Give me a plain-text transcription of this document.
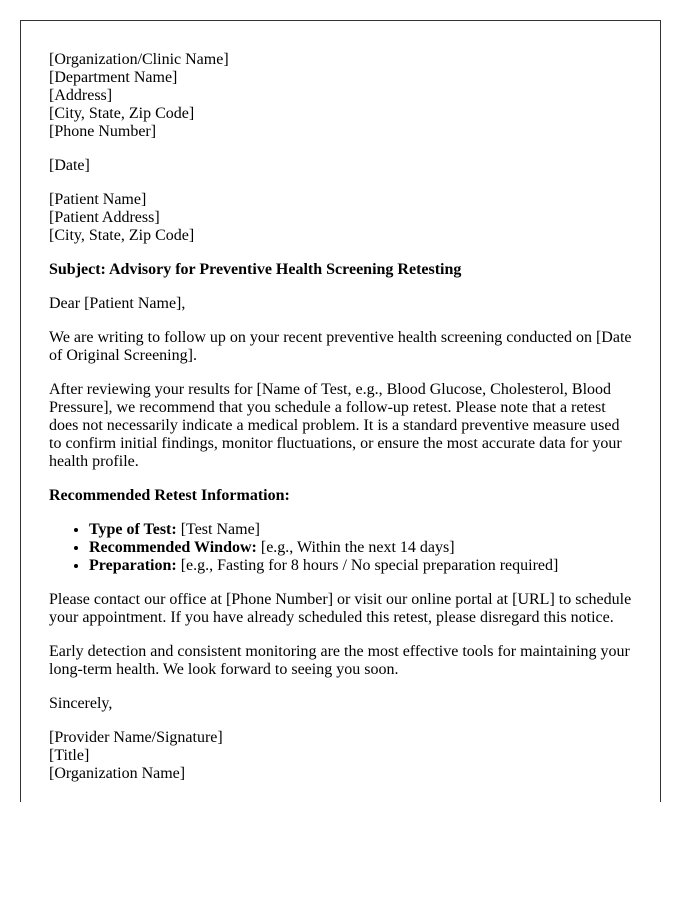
[Organization/Clinic Name]
[Department Name]
[Address]
[City, State, Zip Code]
[Phone Number]

[Date]

[Patient Name]
[Patient Address]
[City, State, Zip Code]

Subject: Advisory for Preventive Health Screening Retesting

Dear [Patient Name],

We are writing to follow up on your recent preventive health screening conducted on [Date of Original Screening].

After reviewing your results for [Name of Test, e.g., Blood Glucose, Cholesterol, Blood Pressure], we recommend that you schedule a follow-up retest. Please note that a retest does not necessarily indicate a medical problem. It is a standard preventive measure used to confirm initial findings, monitor fluctuations, or ensure the most accurate data for your health profile.

Recommended Retest Information:

• Type of Test: [Test Name]
• Recommended Window: [e.g., Within the next 14 days]
• Preparation: [e.g., Fasting for 8 hours / No special preparation required]

Please contact our office at [Phone Number] or visit our online portal at [URL] to schedule your appointment. If you have already scheduled this retest, please disregard this notice.

Early detection and consistent monitoring are the most effective tools for maintaining your long-term health. We look forward to seeing you soon.

Sincerely,

[Provider Name/Signature]
[Title]
[Organization Name]
